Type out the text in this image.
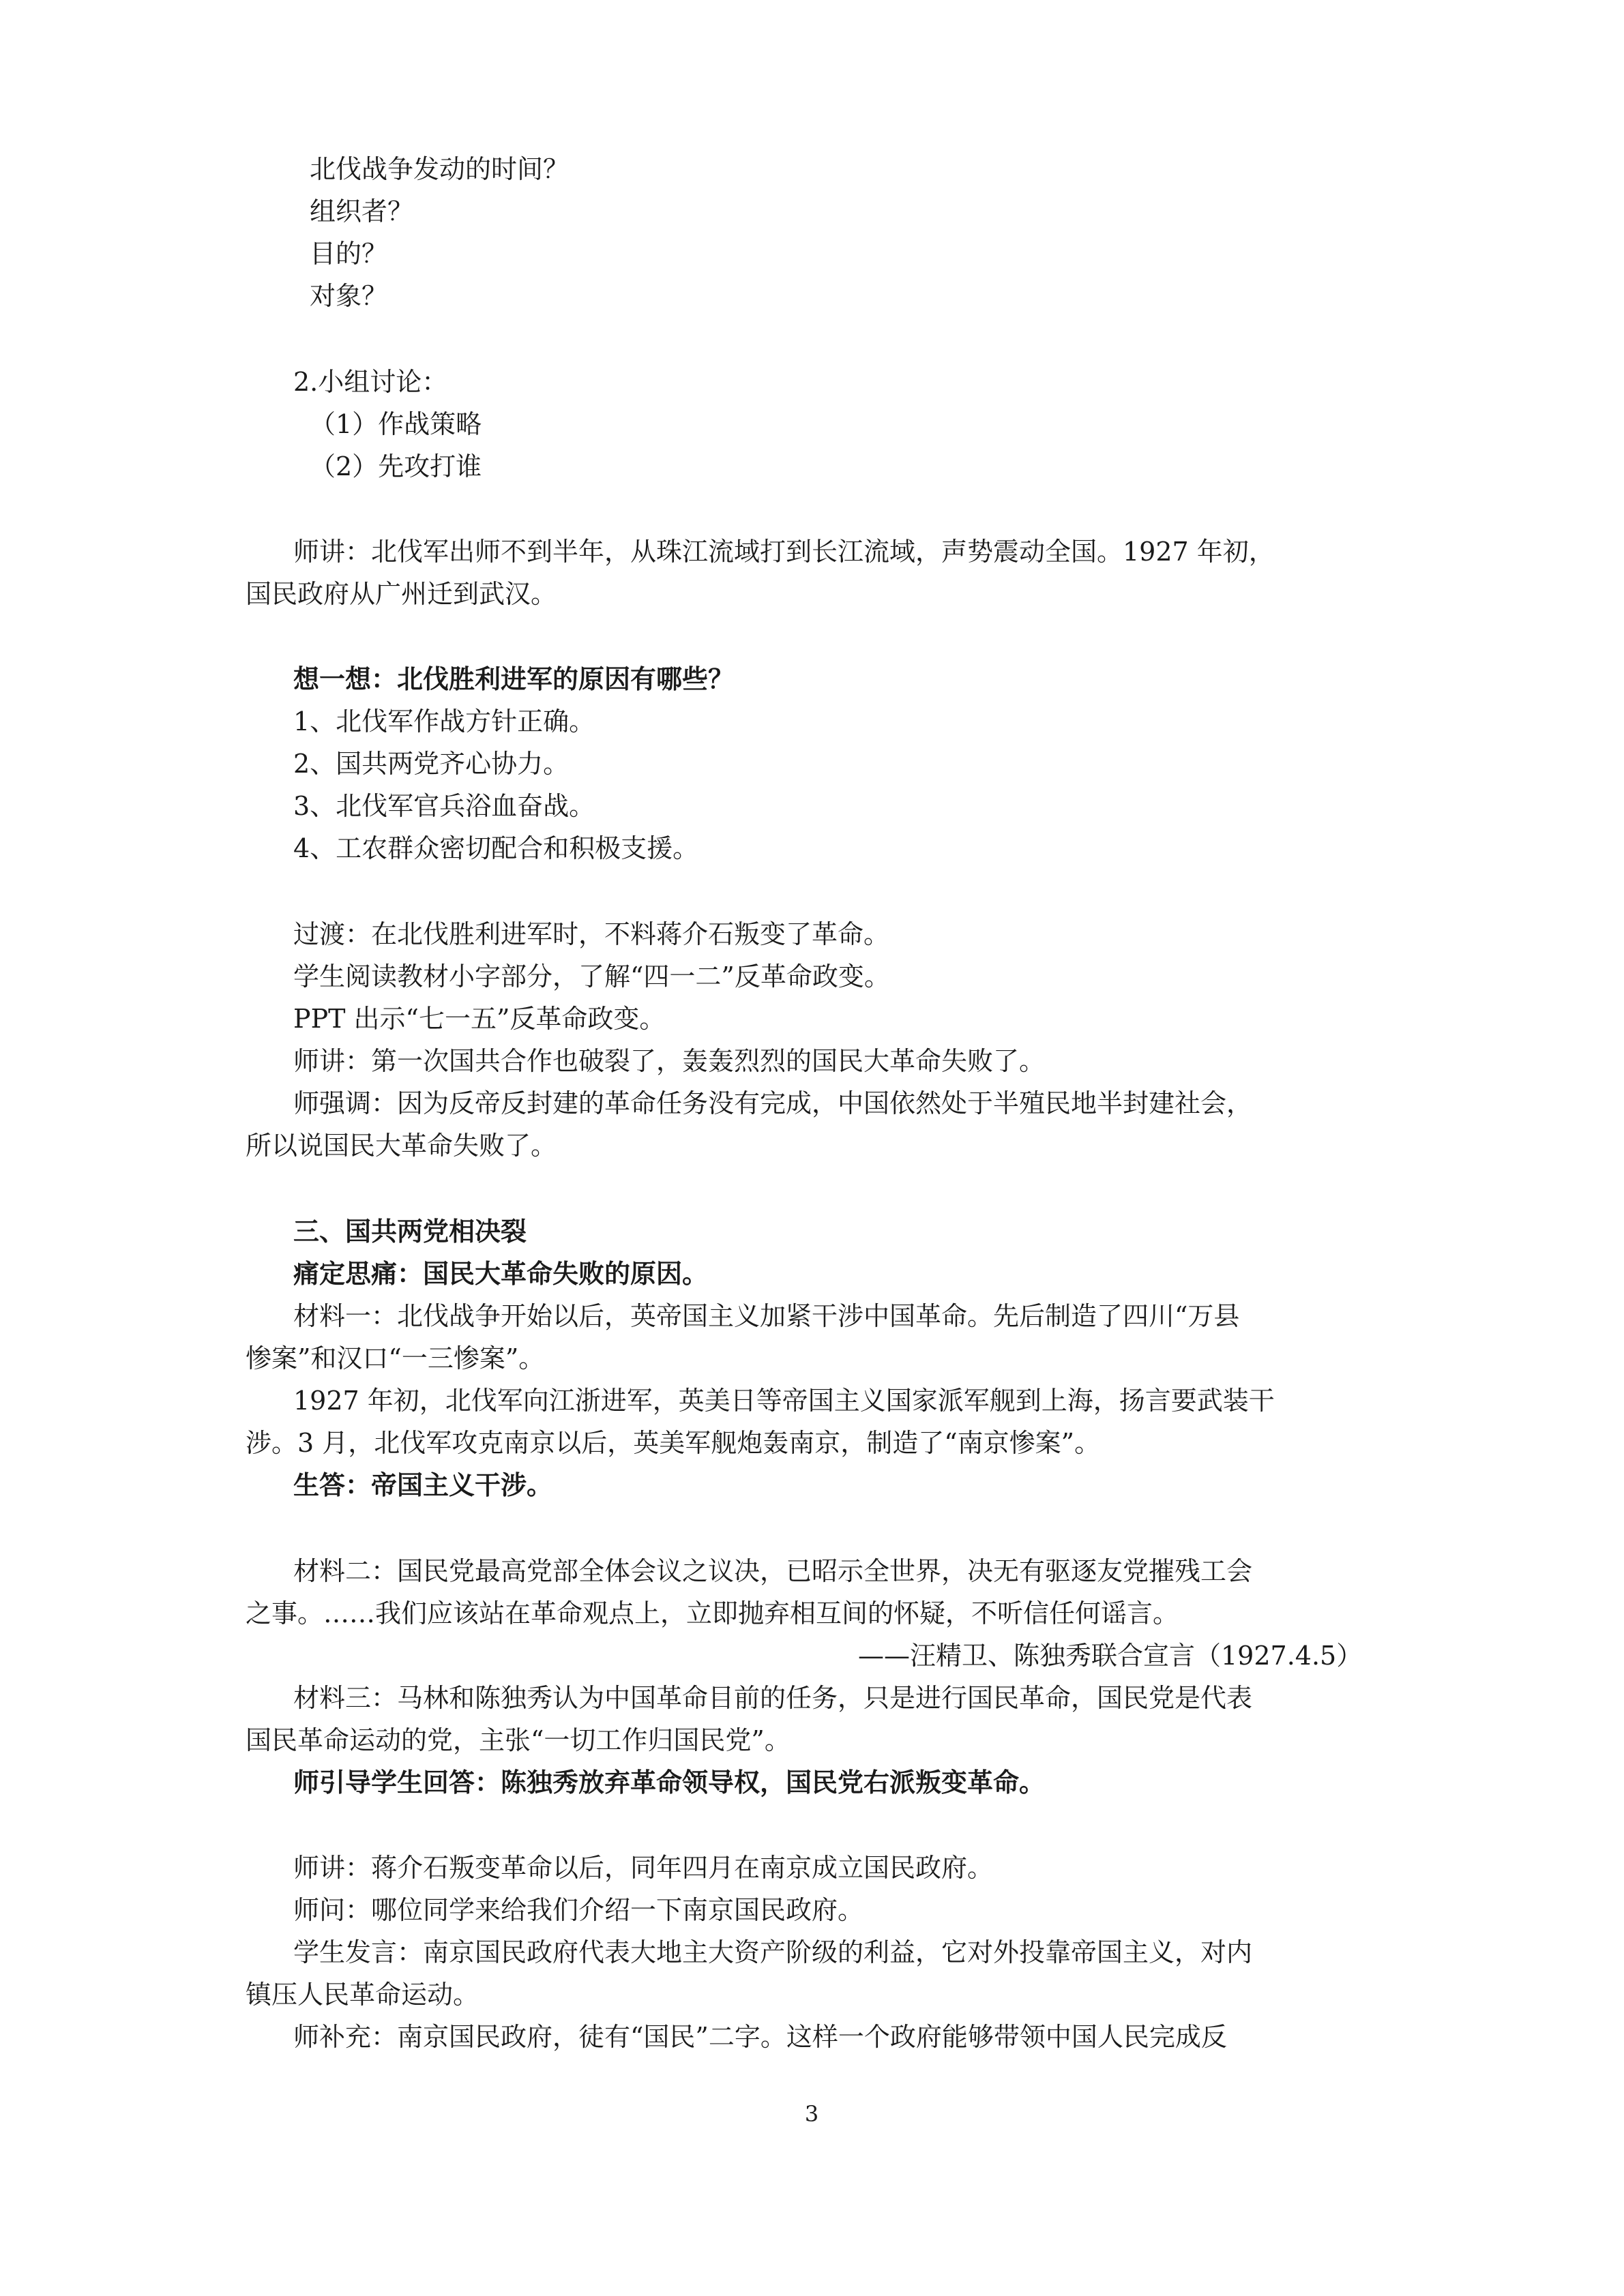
北伐战争发动的时间？
组织者？
目的？
对象？
2.小组讨论：
（1）作战策略
（2）先攻打谁
师讲：北伐军出师不到半年，从珠江流域打到长江流域，声势震动全国。1927 年初，
国民政府从广州迁到武汉。
想一想：北伐胜利进军的原因有哪些？
1、北伐军作战方针正确。
2、国共两党齐心协力。
3、北伐军官兵浴血奋战。
4、工农群众密切配合和积极支援。
过渡：在北伐胜利进军时，不料蒋介石叛变了革命。
学生阅读教材小字部分，了解“四一二”反革命政变。
PPT 出示“七一五”反革命政变。
师讲：第一次国共合作也破裂了，轰轰烈烈的国民大革命失败了。
师强调：因为反帝反封建的革命任务没有完成，中国依然处于半殖民地半封建社会，
所以说国民大革命失败了。
三、国共两党相决裂
痛定思痛：国民大革命失败的原因。
材料一：北伐战争开始以后，英帝国主义加紧干涉中国革命。先后制造了四川“万县
惨案”和汉口“一三惨案”。
1927 年初，北伐军向江浙进军，英美日等帝国主义国家派军舰到上海，扬言要武装干
涉。3 月，北伐军攻克南京以后，英美军舰炮轰南京，制造了“南京惨案”。
生答：帝国主义干涉。
材料二：国民党最高党部全体会议之议决，已昭示全世界，决无有驱逐友党摧残工会
之事。……我们应该站在革命观点上，立即抛弃相互间的怀疑，不听信任何谣言。
——汪精卫、陈独秀联合宣言（1927.4.5）
材料三：马林和陈独秀认为中国革命目前的任务，只是进行国民革命，国民党是代表
国民革命运动的党，主张“一切工作归国民党”。
师引导学生回答：陈独秀放弃革命领导权，国民党右派叛变革命。
师讲：蒋介石叛变革命以后，同年四月在南京成立国民政府。
师问：哪位同学来给我们介绍一下南京国民政府。
学生发言：南京国民政府代表大地主大资产阶级的利益，它对外投靠帝国主义，对内
镇压人民革命运动。
师补充：南京国民政府，徒有“国民”二字。这样一个政府能够带领中国人民完成反
3
